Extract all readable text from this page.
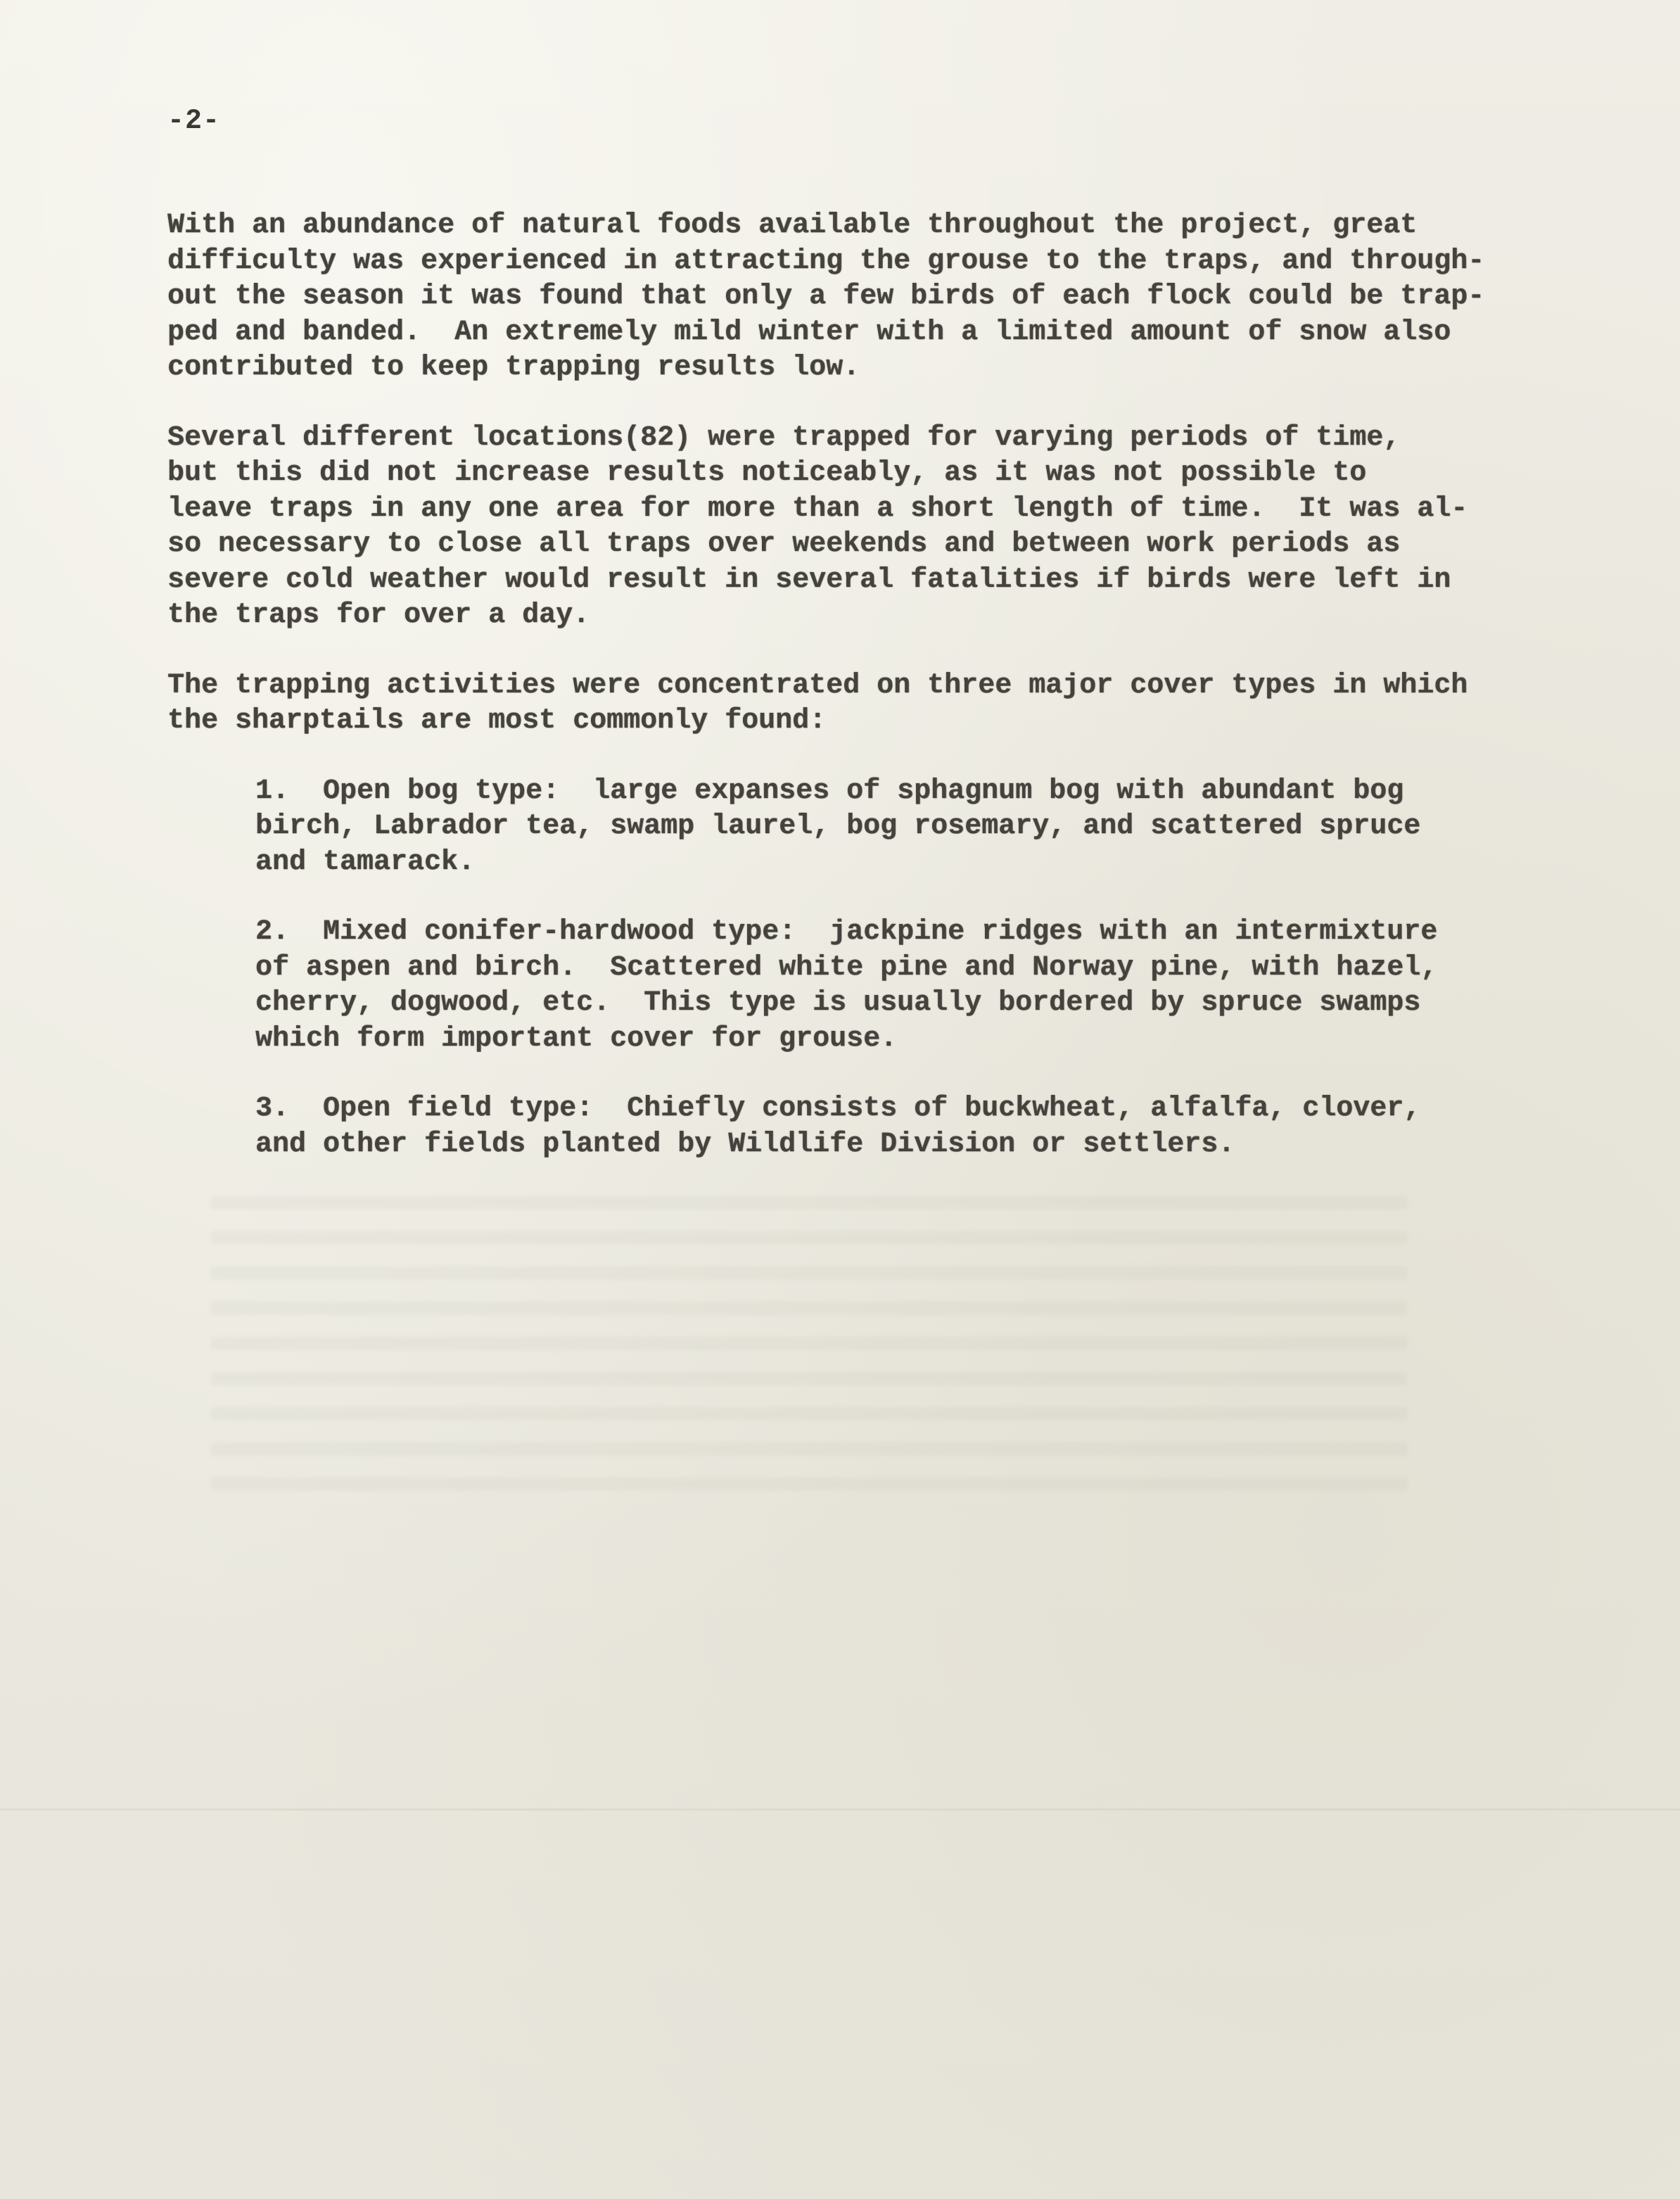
-2-
With an abundance of natural foods available throughout the project, great
difficulty was experienced in attracting the grouse to the traps, and through-
out the season it was found that only a few birds of each flock could be trap-
ped and banded.  An extremely mild winter with a limited amount of snow also
contributed to keep trapping results low.
Several different locations(82) were trapped for varying periods of time,
but this did not increase results noticeably, as it was not possible to
leave traps in any one area for more than a short length of time.  It was al-
so necessary to close all traps over weekends and between work periods as
severe cold weather would result in several fatalities if birds were left in
the traps for over a day.
The trapping activities were concentrated on three major cover types in which
the sharptails are most commonly found:
1.  Open bog type:  large expanses of sphagnum bog with abundant bog
birch, Labrador tea, swamp laurel, bog rosemary, and scattered spruce
and tamarack.
2.  Mixed conifer-hardwood type:  jackpine ridges with an intermixture
of aspen and birch.  Scattered white pine and Norway pine, with hazel,
cherry, dogwood, etc.  This type is usually bordered by spruce swamps
which form important cover for grouse.
3.  Open field type:  Chiefly consists of buckwheat, alfalfa, clover,
and other fields planted by Wildlife Division or settlers.
